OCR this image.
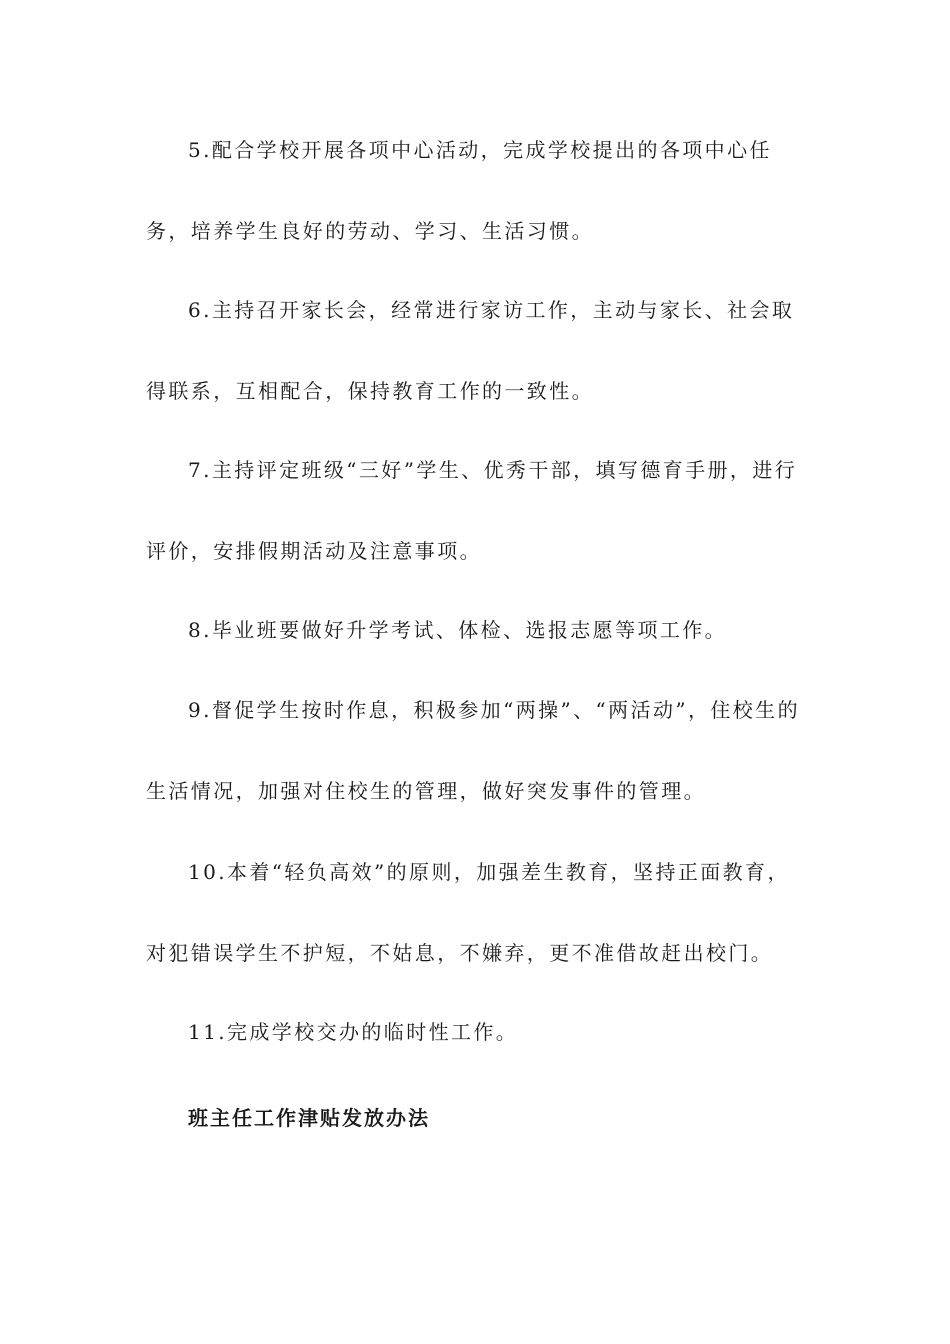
5.配合学校开展各项中心活动，完成学校提出的各项中心任务，培养学生良好的劳动、学习、生活习惯。

6.主持召开家长会，经常进行家访工作，主动与家长、社会取得联系，互相配合，保持教育工作的一致性。

7.主持评定班级“三好”学生、优秀干部，填写德育手册，进行评价，安排假期活动及注意事项。

8.毕业班要做好升学考试、体检、选报志愿等项工作。

9.督促学生按时作息，积极参加“两操”、“两活动”，住校生的生活情况，加强对住校生的管理，做好突发事件的管理。

10.本着“轻负高效”的原则，加强差生教育，坚持正面教育，对犯错误学生不护短，不姑息，不嫌弃，更不准借故赶出校门。

11.完成学校交办的临时性工作。

班主任工作津贴发放办法
